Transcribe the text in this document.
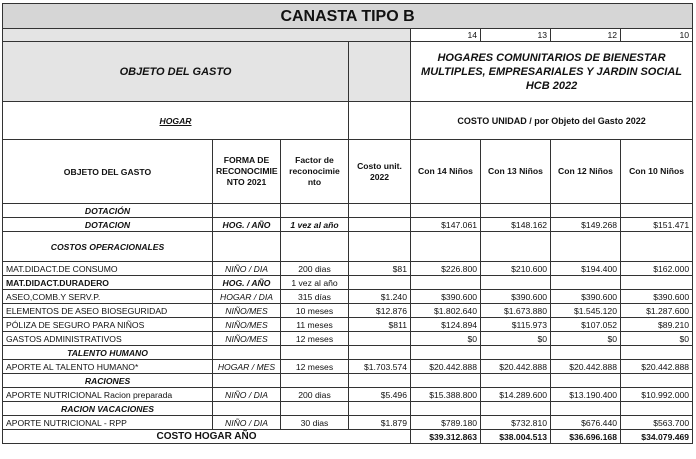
CANASTA TIPO B							
				14	13	12	10
OBJETO DEL GASTO				HOGARES COMUNITARIOS DE BIENESTAR MULTIPLES, EMPRESARIALES Y JARDIN SOCIAL HCB 2022			
HOGAR				COSTO UNIDAD / por Objeto del Gasto 2022			
OBJETO DEL GASTO	FORMA DE RECONOCIMIE NTO 2021	Factor de reconocimie nto	Costo unit. 2022	Con 14 Niños	Con 13 Niños	Con 12 Niños	Con 10 Niños
DOTACIÓN							
DOTACION	HOG. / AÑO	1 vez al año		$147.061	$148.162	$149.268	$151.471
COSTOS OPERACIONALES							
MAT.DIDACT.DE CONSUMO	NIÑO / DIA	200 dias	$81	$226.800	$210.600	$194.400	$162.000
MAT.DIDACT.DURADERO	HOG. / AÑO	1 vez al año					
ASEO,COMB.Y SERV.P.	HOGAR / DIA	315 días	$1.240	$390.600	$390.600	$390.600	$390.600
ELEMENTOS DE ASEO BIOSEGURIDAD	NIÑO/MES	10 meses	$12.876	$1.802.640	$1.673.880	$1.545.120	$1.287.600
PÓLIZA DE SEGURO PARA NIÑOS	NIÑO/MES	11 meses	$811	$124.894	$115.973	$107.052	$89.210
GASTOS ADMINISTRATIVOS	NIÑO/MES	12 meses		$0	$0	$0	$0
TALENTO HUMANO							
APORTE AL TALENTO HUMANO*	HOGAR / MES	12 meses	$1.703.574	$20.442.888	$20.442.888	$20.442.888	$20.442.888
RACIONES							
APORTE NUTRICIONAL Racion preparada	NIÑO / DIA	200 dias	$5.496	$15.388.800	$14.289.600	$13.190.400	$10.992.000
RACION VACACIONES							
APORTE NUTRICIONAL - RPP	NIÑO / DIA	30 dias	$1.879	$789.180	$732.810	$676.440	$563.700
COSTO HOGAR AÑO				$39.312.863	$38.004.513	$36.696.168	$34.079.469
